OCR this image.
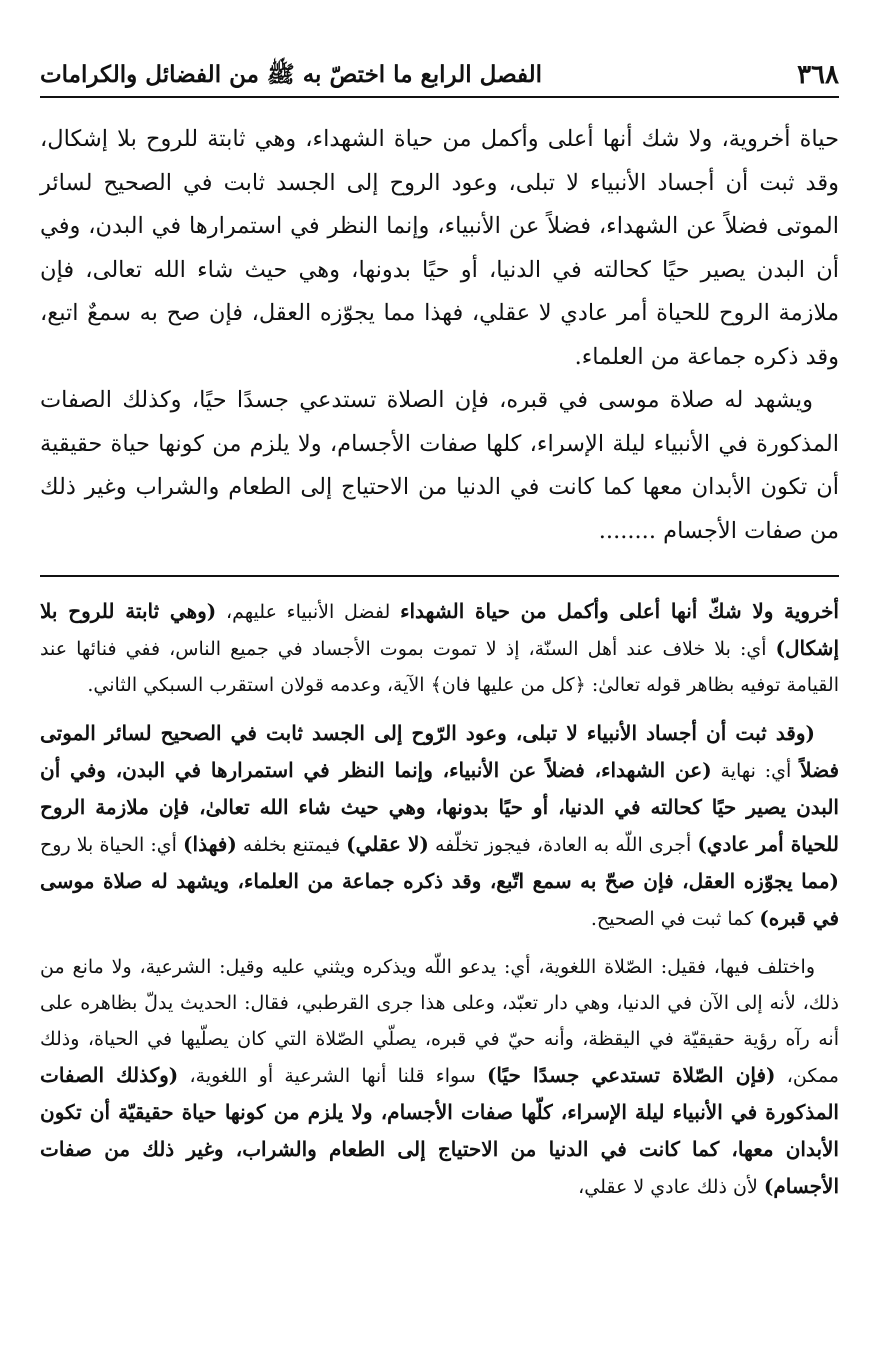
٣٦٨
الفصل الرابع ما اختصّ به ﷺ من الفضائل والكرامات

حياة أخروية، ولا شك أنها أعلى وأكمل من حياة الشهداء، وهي ثابتة للروح بلا إشكال، وقد ثبت أن أجساد الأنبياء لا تبلى، وعود الروح إلى الجسد ثابت في الصحيح لسائر الموتى فضلاً عن الشهداء، فضلاً عن الأنبياء، وإنما النظر في استمرارها في البدن، وفي أن البدن يصير حيًا كحالته في الدنيا، أو حيًا بدونها، وهي حيث شاء الله تعالى، فإن ملازمة الروح للحياة أمر عادي لا عقلي، فهذا مما يجوّزه العقل، فإن صح به سمعٌ اتبع، وقد ذكره جماعة من العلماء.

ويشهد له صلاة موسى في قبره، فإن الصلاة تستدعي جسدًا حيًا، وكذلك الصفات المذكورة في الأنبياء ليلة الإسراء، كلها صفات الأجسام، ولا يلزم من كونها حياة حقيقية أن تكون الأبدان معها كما كانت في الدنيا من الاحتياج إلى الطعام والشراب وغير ذلك من صفات الأجسام ........

أخروية ولا شكّ أنها أعلى وأكمل من حياة الشهداء لفضل الأنبياء عليهم، (وهي ثابتة للروح بلا إشكال) أي: بلا خلاف عند أهل السنّة، إذ لا تموت بموت الأجساد في جميع الناس، ففي فنائها عند القيامة توفيه بظاهر قوله تعالىٰ: ﴿كل من عليها فان﴾ الآية، وعدمه قولان استقرب السبكي الثاني.

(وقد ثبت أن أجساد الأنبياء لا تبلى، وعود الرّوح إلى الجسد ثابت في الصحيح لسائر الموتى فضلاً أي: نهاية (عن الشهداء، فضلاً عن الأنبياء، وإنما النظر في استمرارها في البدن، وفي أن البدن يصير حيًا كحالته في الدنيا، أو حيًا بدونها، وهي حيث شاء الله تعالىٰ، فإن ملازمة الروح للحياة أمر عادي) أجرى اللّه به العادة، فيجوز تخلّفه (لا عقلي) فيمتنع بخلفه (فهذا) أي: الحياة بلا روح (مما يجوّزه العقل، فإن صحّ به سمع اتّبع، وقد ذكره جماعة من العلماء، ويشهد له صلاة موسى في قبره) كما ثبت في الصحيح.

واختلف فيها، فقيل: الصّلاة اللغوية، أي: يدعو اللّه ويذكره ويثني عليه وقيل: الشرعية، ولا مانع من ذلك، لأنه إلى الآن في الدنيا، وهي دار تعبّد، وعلى هذا جرى القرطبي، فقال: الحديث يدلّ بظاهره على أنه رآه رؤية حقيقيّة في اليقظة، وأنه حيّ في قبره، يصلّي الصّلاة التي كان يصلّيها في الحياة، وذلك ممكن، (فإن الصّلاة تستدعي جسدًا حيًا) سواء قلنا أنها الشرعية أو اللغوية، (وكذلك الصفات المذكورة في الأنبياء ليلة الإسراء، كلّها صفات الأجسام، ولا يلزم من كونها حياة حقيقيّة أن تكون الأبدان معها، كما كانت في الدنيا من الاحتياج إلى الطعام والشراب، وغير ذلك من صفات الأجسام) لأن ذلك عادي لا عقلي،
